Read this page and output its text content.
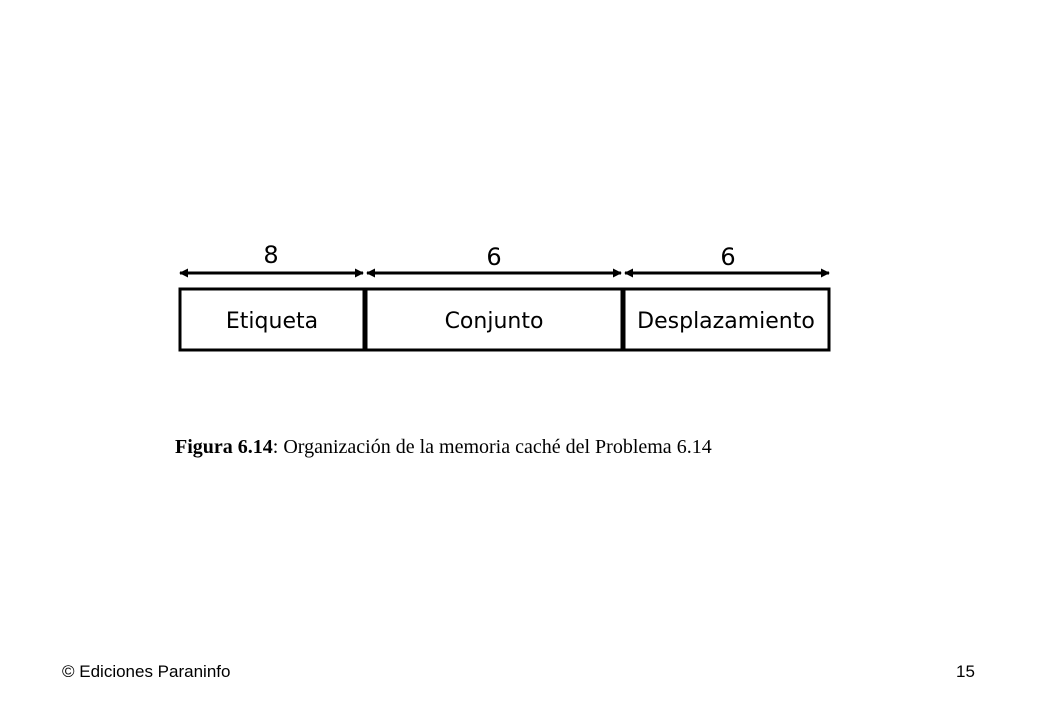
8	6	6
Etiqueta	Conjunto	Desplazamiento
Figura 6.14: Organización de la memoria caché del Problema 6.14
© Ediciones Paraninfo	15
